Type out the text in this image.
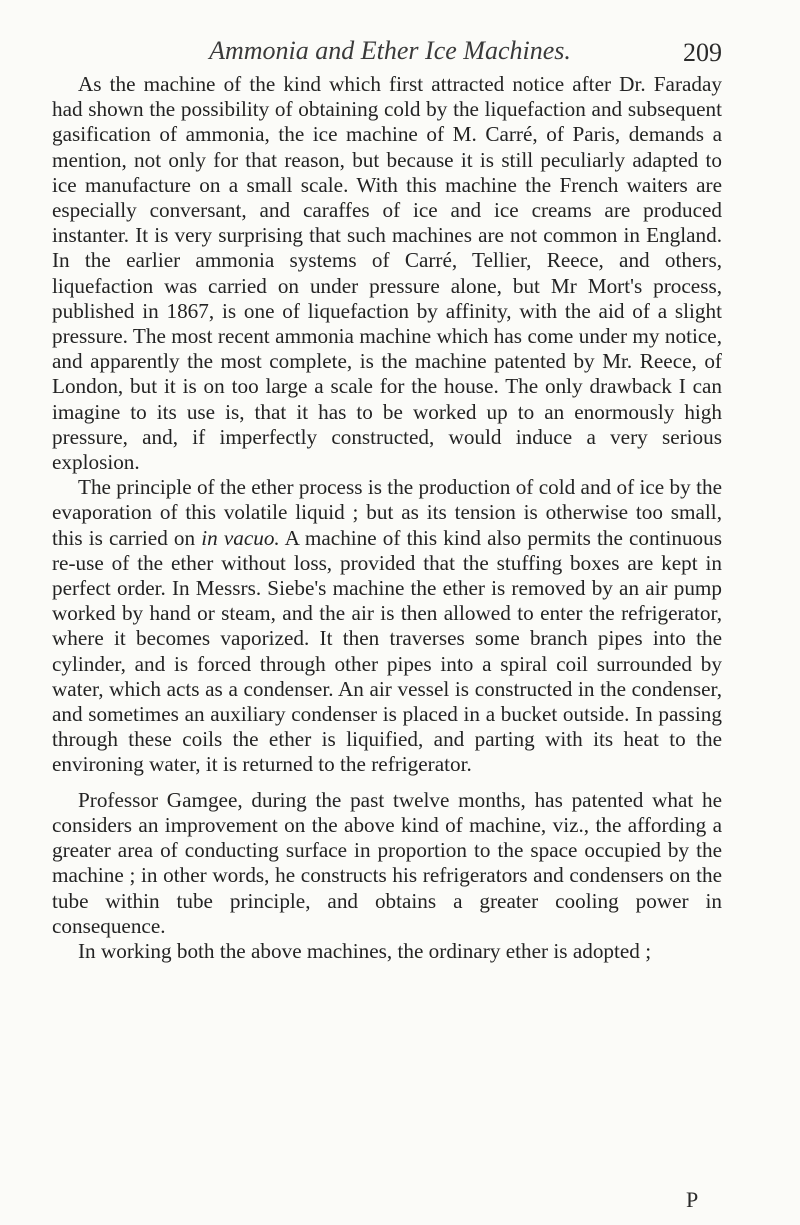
Ammonia and Ether Ice Machines.	209

As the machine of the kind which first attracted notice after Dr. Faraday had shown the possibility of obtaining cold by the liquefaction and subsequent gasification of ammonia, the ice machine of M. Carré, of Paris, demands a mention, not only for that reason, but because it is still peculiarly adapted to ice manufacture on a small scale. With this machine the French waiters are especially conversant, and caraffes of ice and ice creams are produced instanter. It is very surprising that such machines are not common in England. In the earlier ammonia systems of Carré, Tellier, Reece, and others, liquefaction was carried on under pressure alone, but Mr Mort's process, published in 1867, is one of liquefaction by affinity, with the aid of a slight pressure. The most recent ammonia machine which has come under my notice, and apparently the most complete, is the machine patented by Mr. Reece, of London, but it is on too large a scale for the house. The only drawback I can imagine to its use is, that it has to be worked up to an enormously high pressure, and, if imperfectly constructed, would induce a very serious explosion.

The principle of the ether process is the production of cold and of ice by the evaporation of this volatile liquid ; but as its tension is otherwise too small, this is carried on in vacuo. A machine of this kind also permits the continuous re-use of the ether without loss, provided that the stuffing boxes are kept in perfect order. In Messrs. Siebe's machine the ether is removed by an air pump worked by hand or steam, and the air is then allowed to enter the refrigerator, where it becomes vaporized. It then traverses some branch pipes into the cylinder, and is forced through other pipes into a spiral coil surrounded by water, which acts as a condenser. An air vessel is constructed in the condenser, and sometimes an auxiliary condenser is placed in a bucket outside. In passing through these coils the ether is liquified, and parting with its heat to the environing water, it is returned to the refrigerator.

Professor Gamgee, during the past twelve months, has patented what he considers an improvement on the above kind of machine, viz., the affording a greater area of conducting surface in proportion to the space occupied by the machine ; in other words, he constructs his refrigerators and condensers on the tube within tube principle, and obtains a greater cooling power in consequence.

In working both the above machines, the ordinary ether is adopted ;

P
